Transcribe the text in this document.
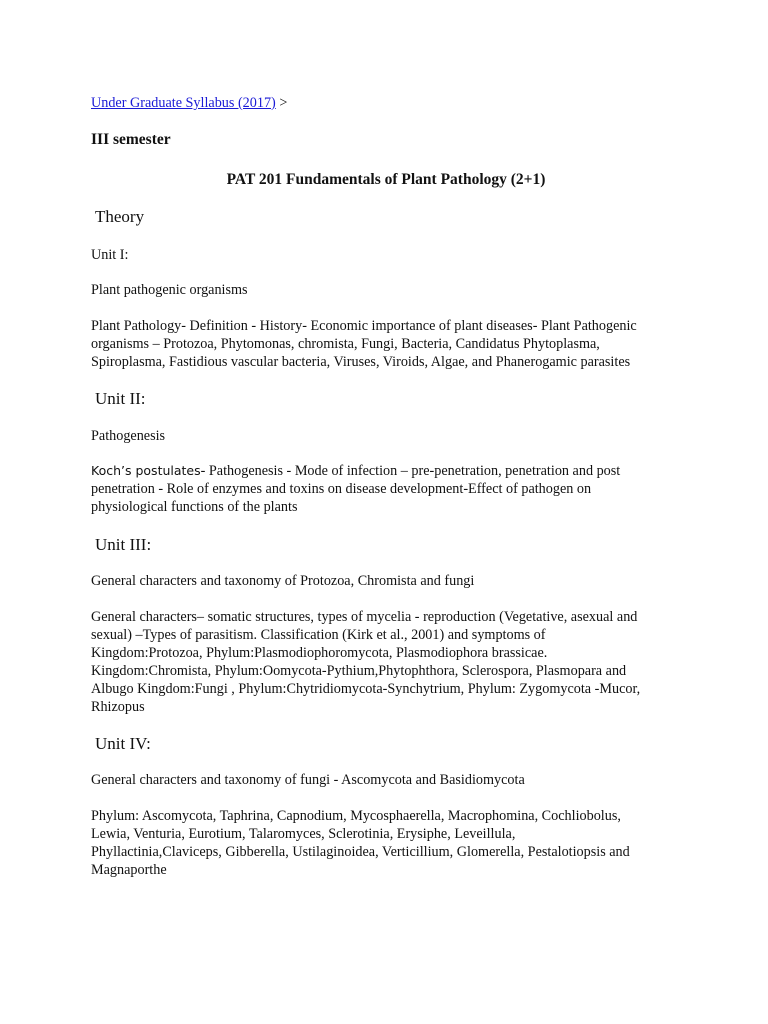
Under Graduate Syllabus (2017) >
III semester
PAT 201 Fundamentals of Plant Pathology (2+1)
Theory
Unit I:
Plant pathogenic organisms
Plant Pathology- Definition - History- Economic importance of plant diseases- Plant Pathogenic
organisms – Protozoa, Phytomonas, chromista, Fungi, Bacteria, Candidatus Phytoplasma,
Spiroplasma, Fastidious vascular bacteria, Viruses, Viroids, Algae, and Phanerogamic parasites
Unit II:
Pathogenesis
Koch’s postulates- Pathogenesis - Mode of infection – pre-penetration, penetration and post
penetration - Role of enzymes and toxins on disease development-Effect of pathogen on
physiological functions of the plants
Unit III:
General characters and taxonomy of Protozoa, Chromista and fungi
General characters– somatic structures, types of mycelia - reproduction (Vegetative, asexual and
sexual) –Types of parasitism. Classification (Kirk et al., 2001) and symptoms of
Kingdom:Protozoa, Phylum:Plasmodiophoromycota, Plasmodiophora brassicae.
Kingdom:Chromista, Phylum:Oomycota-Pythium,Phytophthora, Sclerospora, Plasmopara and
Albugo Kingdom:Fungi , Phylum:Chytridiomycota-Synchytrium, Phylum: Zygomycota -Mucor,
Rhizopus
Unit IV:
General characters and taxonomy of fungi - Ascomycota and Basidiomycota
Phylum: Ascomycota, Taphrina, Capnodium, Mycosphaerella, Macrophomina, Cochliobolus,
Lewia, Venturia, Eurotium, Talaromyces, Sclerotinia, Erysiphe, Leveillula,
Phyllactinia,Claviceps, Gibberella, Ustilaginoidea, Verticillium, Glomerella, Pestalotiopsis and
Magnaporthe
